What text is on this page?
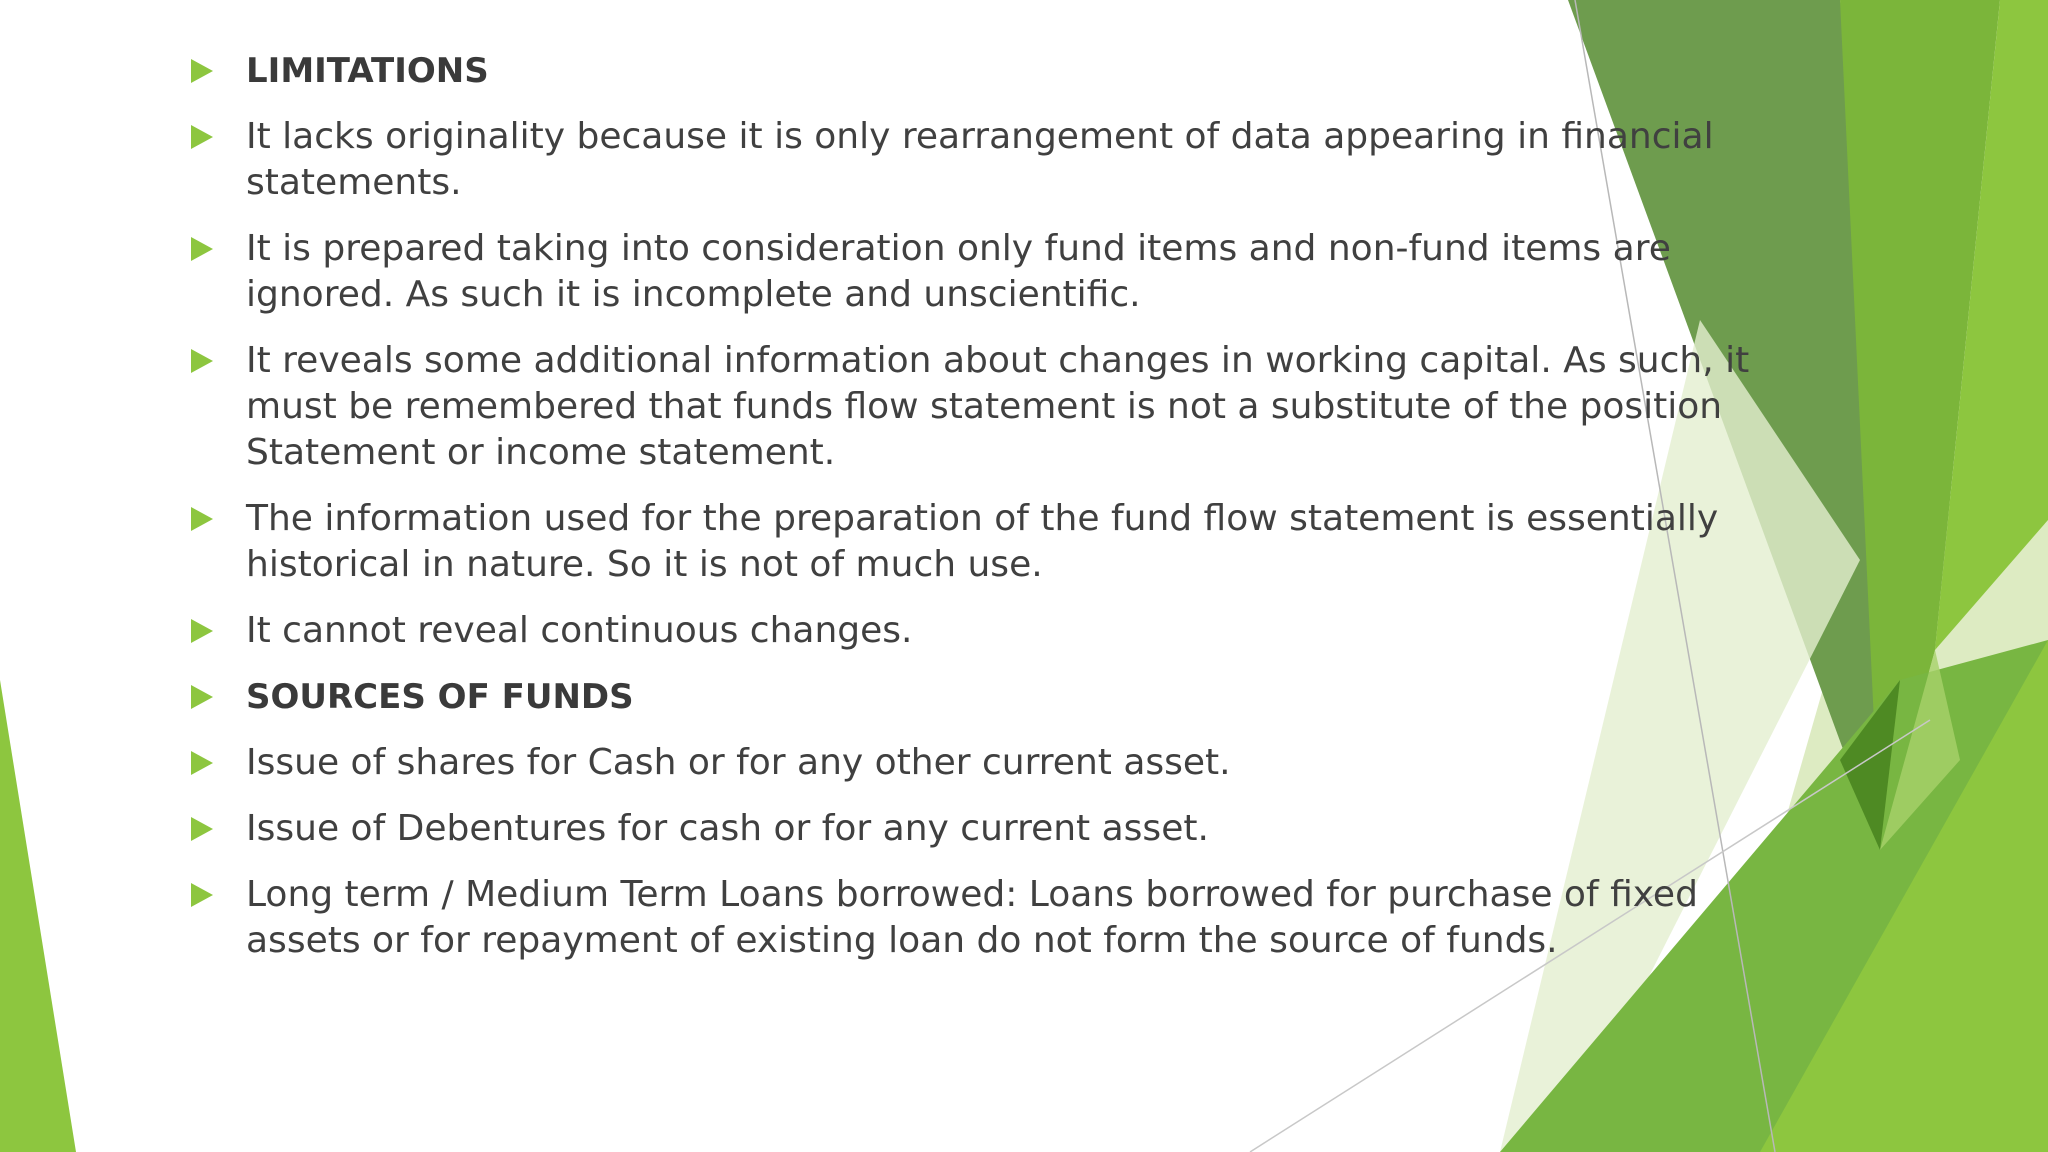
LIMITATIONS
It lacks originality because it is only rearrangement of data appearing in financial statements.
It is prepared taking into consideration only fund items and non-fund items are ignored. As such it is incomplete and unscientific.
It reveals some additional information about changes in working capital. As such, it must be remembered that funds flow statement is not a substitute of the position Statement or income statement.
The information used for the preparation of the fund flow statement is essentially historical in nature. So it is not of much use.
It cannot reveal continuous changes.
SOURCES OF FUNDS
Issue of shares for Cash or for any other current asset.
Issue of Debentures for cash or for any current asset.
Long term / Medium Term Loans borrowed: Loans borrowed for purchase of fixed assets or for repayment of existing loan do not form the source of funds.
